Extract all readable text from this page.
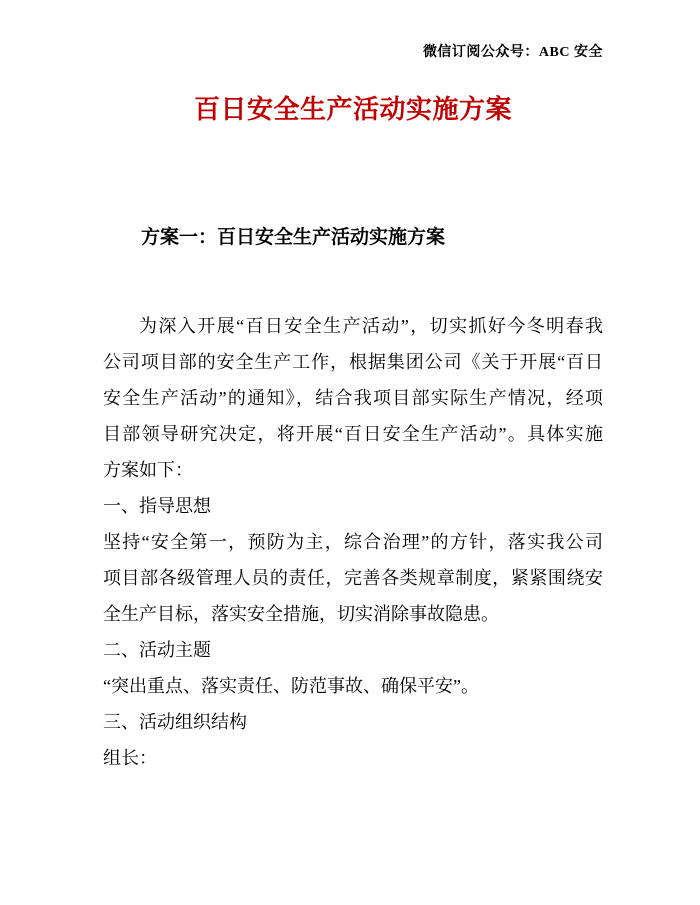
微信订阅公众号：ABC 安全
百日安全生产活动实施方案
方案一：百日安全生产活动实施方案
为深入开展“百日安全生产活动”，切实抓好今冬明春我
公司项目部的安全生产工作，根据集团公司《关于开展“百日
安全生产活动”的通知》，结合我项目部实际生产情况，经项
目部领导研究决定，将开展“百日安全生产活动”。具体实施
方案如下：
一、指导思想
坚持“安全第一，预防为主，综合治理”的方针，落实我公司
项目部各级管理人员的责任，完善各类规章制度，紧紧围绕安
全生产目标，落实安全措施，切实消除事故隐患。
二、活动主题
“突出重点、落实责任、防范事故、确保平安”。
三、活动组织结构
组长：
